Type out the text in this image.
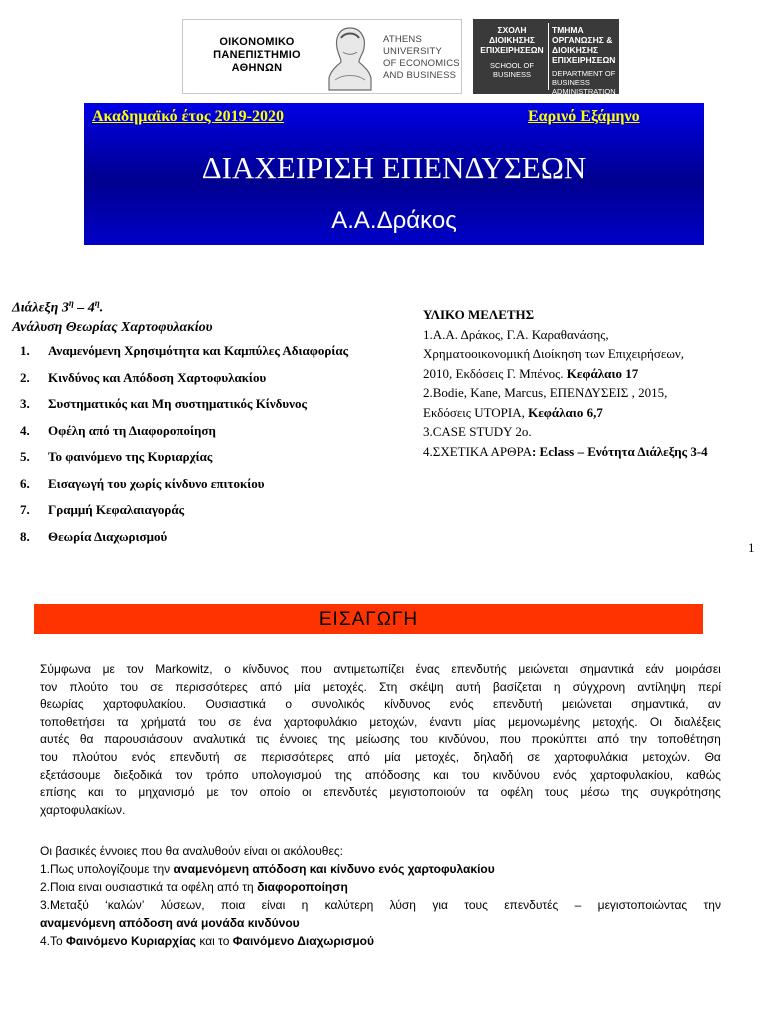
ΟΙΚΟΝΟΜΙΚΟ
ΠΑΝΕΠΙΣΤΗΜΙΟ
ΑΘΗΝΩΝ
ATHENS UNIVERSITY
OF ECONOMICS
AND BUSINESS
ΣΧΟΛΗ
ΔΙΟΙΚΗΣΗΣ
ΕΠΙΧΕΙΡΗΣΕΩΝ
SCHOOL OF
BUSINESS
ΤΜΗΜΑ
ΟΡΓΑΝΩΣΗΣ &
ΔΙΟΙΚΗΣΗΣ
ΕΠΙΧΕΙΡΗΣΕΩΝ
DEPARTMENT OF
BUSINESS
ADMINISTRATION
Ακαδημαϊκό έτος 2019-2020	Εαρινό Εξάμηνο
ΔΙΑΧΕΙΡΙΣΗ ΕΠΕΝΔΥΣΕΩΝ
Α.Α.Δράκος
Διάλεξη $3^\eta - 4^\eta$.
Ανάλυση Θεωρίας Χαρτοφυλακίου
1.	Αναμενόμενη Χρησιμότητα και Καμπύλες Αδιαφορίας
2.	Κινδύνος και Απόδοση Χαρτοφυλακίου
3.	Συστηματικός και Μη συστηματικός Κίνδυνος
4.	Οφέλη από τη Διαφοροποίηση
5.	Το φαινόμενο της Κυριαρχίας
6.	Εισαγωγή του χωρίς κίνδυνο επιτοκίου
7.	Γραμμή Κεφαλαιαγοράς
8.	Θεωρία Διαχωρισμού
ΥΛΙΚΟ ΜΕΛΕΤΗΣ
1.Α.Α. Δράκος, Γ.Α. Καραθανάσης,
Χρηματοοικονομική Διοίκηση των Επιχειρήσεων,
2010, Εκδόσεις Γ. Μπένος. Κεφάλαιο 17
2.Bodie, Kane, Marcus, ΕΠΕΝΔΥΣΕΙΣ , 2015,
Εκδόσεις UTOPIA, Κεφάλαιο 6,7
3.CASE STUDY 2ο.
4.ΣΧΕΤΙΚΑ ΑΡΘΡΑ: Eclass – Ενότητα Διάλεξης 3-4
1
ΕΙΣΑΓΩΓΗ
Σύμφωνα με τον Markowitz, ο κίνδυνος που αντιμετωπίζει ένας επενδυτής μειώνεται σημαντικά εάν μοιράσει
τον πλούτο του σε περισσότερες από μία μετοχές. Στη σκέψη αυτή βασίζεται η σύγχρονη αντίληψη περί
θεωρίας χαρτοφυλακίου. Ουσιαστικά ο συνολικός κίνδυνος ενός επενδυτή μειώνεται σημαντικά, αν
τοποθετήσει τα χρήματά του σε ένα χαρτοφυλάκιο μετοχών, έναντι μίας μεμονωμένης μετοχής. Οι διαλέξεις
αυτές θα παρουσιάσουν αναλυτικά τις έννοιες της μείωσης του κινδύνου, που προκύπτει από την τοποθέτηση
του πλούτου ενός επενδυτή σε περισσότερες από μία μετοχές, δηλαδή σε χαρτοφυλάκια μετοχών. Θα
εξετάσουμε διεξοδικά τον τρόπο υπολογισμού της απόδοσης και του κινδύνου ενός χαρτοφυλακίου, καθώς
επίσης και το μηχανισμό με τον οποίο οι επενδυτές μεγιστοποιούν τα οφέλη τους μέσω της συγκρότησης
χαρτοφυλακίων.
Οι βασικές έννοιες που θα αναλυθούν είναι οι ακόλουθες:
1.Πως υπολογίζουμε την αναμενόμενη απόδοση και κίνδυνο ενός χαρτοφυλακίου
2.Ποια ειναι ουσιαστικά τα οφέλη από τη διαφοροποίηση
3.Μεταξύ ‘καλών’ λύσεων, ποια είναι η καλύτερη λύση για τους επενδυτές – μεγιστοποιώντας την
αναμενόμενη απόδοση ανά μονάδα κινδύνου
4.Το Φαινόμενο Κυριαρχίας και το Φαινόμενο Διαχωρισμού
